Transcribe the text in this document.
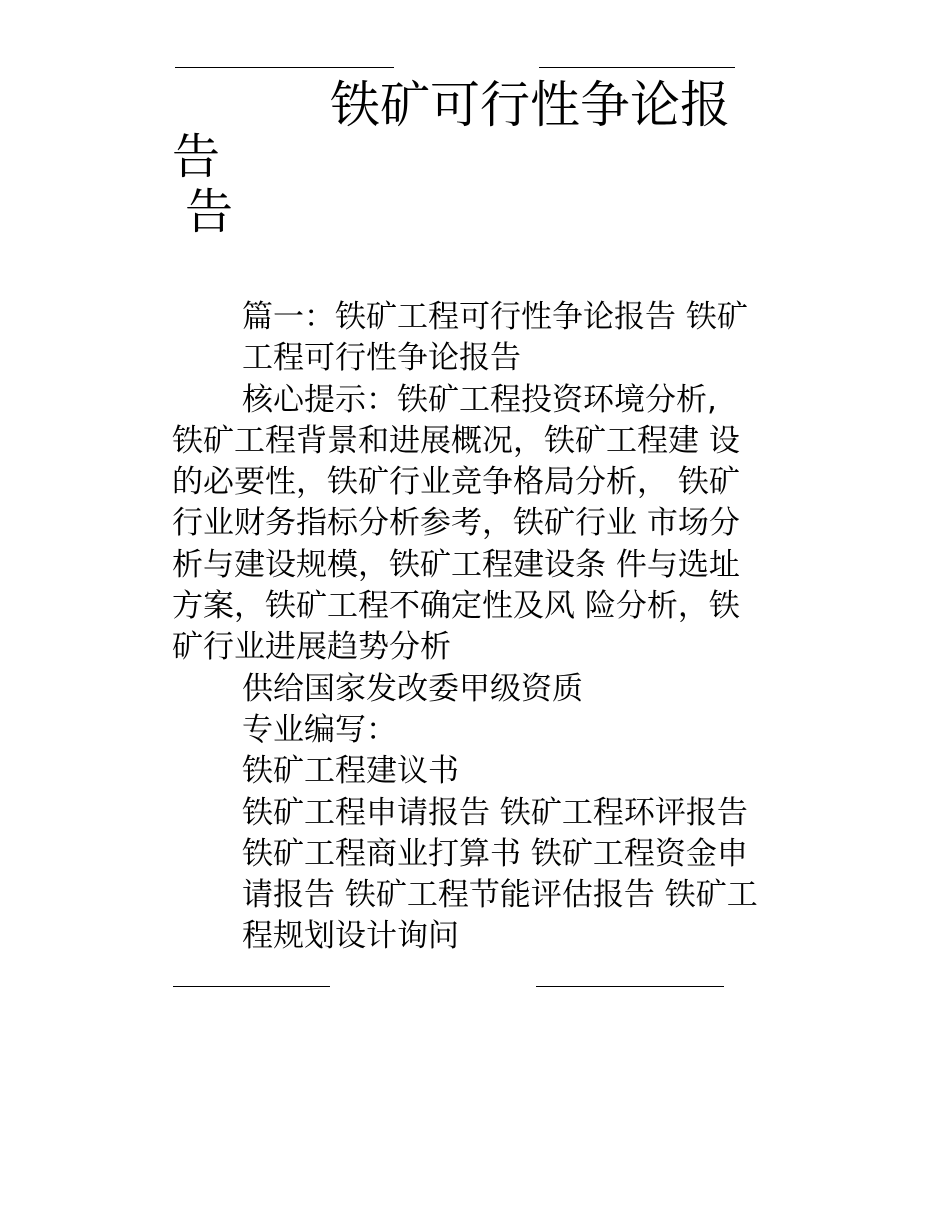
铁矿可行性争论报
告
告

篇一：铁矿工程可行性争论报告 铁矿工程可行性争论报告

核心提示：铁矿工程投资环境分析,

铁矿工程背景和进展概况，铁矿工程建 设的必要性，铁矿行业竞争格局分析， 铁矿行业财务指标分析参考，铁矿行业 市场分析与建设规模，铁矿工程建设条 件与选址方案，铁矿工程不确定性及风 险分析，铁矿行业进展趋势分析

供给国家发改委甲级资质

专业编写：

铁矿工程建议书

铁矿工程申请报告 铁矿工程环评报告 铁矿工程商业打算书 铁矿工程资金申请报告 铁矿工程节能评估报告 铁矿工程规划设计询问
